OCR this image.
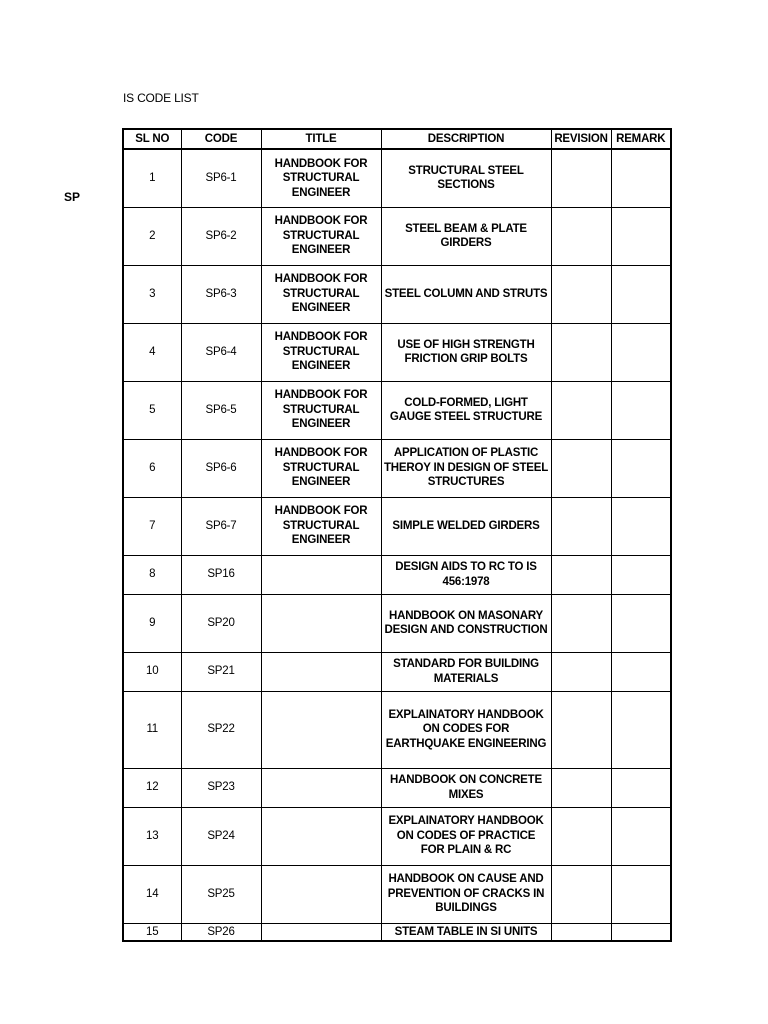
IS CODE LIST
SP
SL NO	CODE	TITLE	DESCRIPTION	REVISION	REMARK
1	SP6-1	HANDBOOK FOR STRUCTURAL ENGINEER	STRUCTURAL STEEL SECTIONS		
2	SP6-2	HANDBOOK FOR STRUCTURAL ENGINEER	STEEL BEAM & PLATE GIRDERS		
3	SP6-3	HANDBOOK FOR STRUCTURAL ENGINEER	STEEL COLUMN AND STRUTS		
4	SP6-4	HANDBOOK FOR STRUCTURAL ENGINEER	USE OF HIGH STRENGTH FRICTION GRIP BOLTS		
5	SP6-5	HANDBOOK FOR STRUCTURAL ENGINEER	COLD-FORMED, LIGHT GAUGE STEEL STRUCTURE		
6	SP6-6	HANDBOOK FOR STRUCTURAL ENGINEER	APPLICATION OF PLASTIC THEROY IN DESIGN OF STEEL STRUCTURES		
7	SP6-7	HANDBOOK FOR STRUCTURAL ENGINEER	SIMPLE WELDED GIRDERS		
8	SP16		DESIGN AIDS TO RC TO IS 456:1978		
9	SP20		HANDBOOK ON MASONARY DESIGN AND CONSTRUCTION		
10	SP21		STANDARD FOR BUILDING MATERIALS		
11	SP22		EXPLAINATORY HANDBOOK ON CODES FOR EARTHQUAKE ENGINEERING		
12	SP23		HANDBOOK ON CONCRETE MIXES		
13	SP24		EXPLAINATORY HANDBOOK ON CODES OF PRACTICE FOR PLAIN & RC		
14	SP25		HANDBOOK ON CAUSE AND PREVENTION OF CRACKS IN BUILDINGS		
15	SP26		STEAM TABLE IN SI UNITS		
